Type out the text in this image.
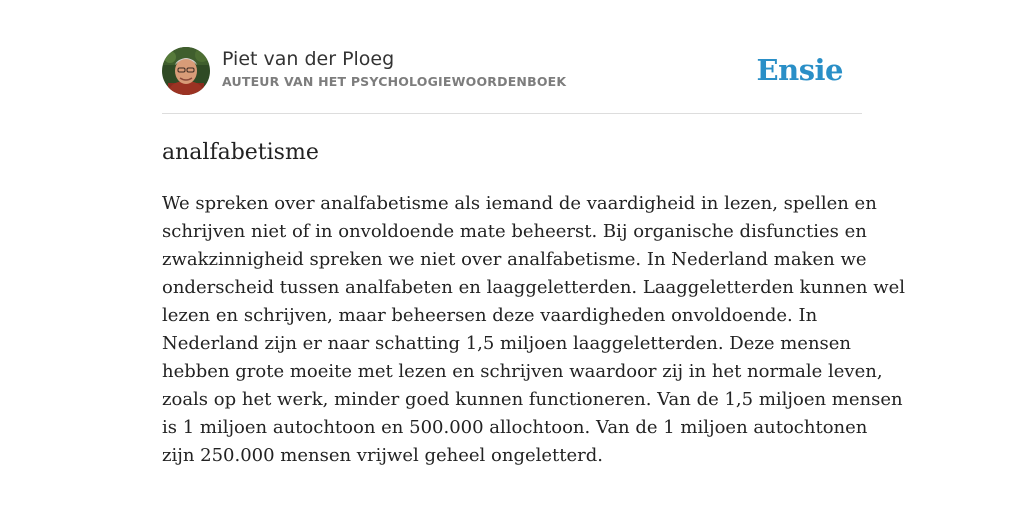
Piet van der Ploeg
AUTEUR VAN HET PSYCHOLOGIEWOORDENBOEK	Ensie
analfabetisme
We spreken over analfabetisme als iemand de vaardigheid in lezen, spellen en
schrijven niet of in onvoldoende mate beheerst. Bij organische disfuncties en
zwakzinnigheid spreken we niet over analfabetisme. In Nederland maken we
onderscheid tussen analfabeten en laaggeletterden. Laaggeletterden kunnen wel
lezen en schrijven, maar beheersen deze vaardigheden onvoldoende. In
Nederland zijn er naar schatting 1,5 miljoen laaggeletterden. Deze mensen
hebben grote moeite met lezen en schrijven waardoor zij in het normale leven,
zoals op het werk, minder goed kunnen functioneren. Van de 1,5 miljoen mensen
is 1 miljoen autochtoon en 500.000 allochtoon. Van de 1 miljoen autochtonen
zijn 250.000 mensen vrijwel geheel ongeletterd.
